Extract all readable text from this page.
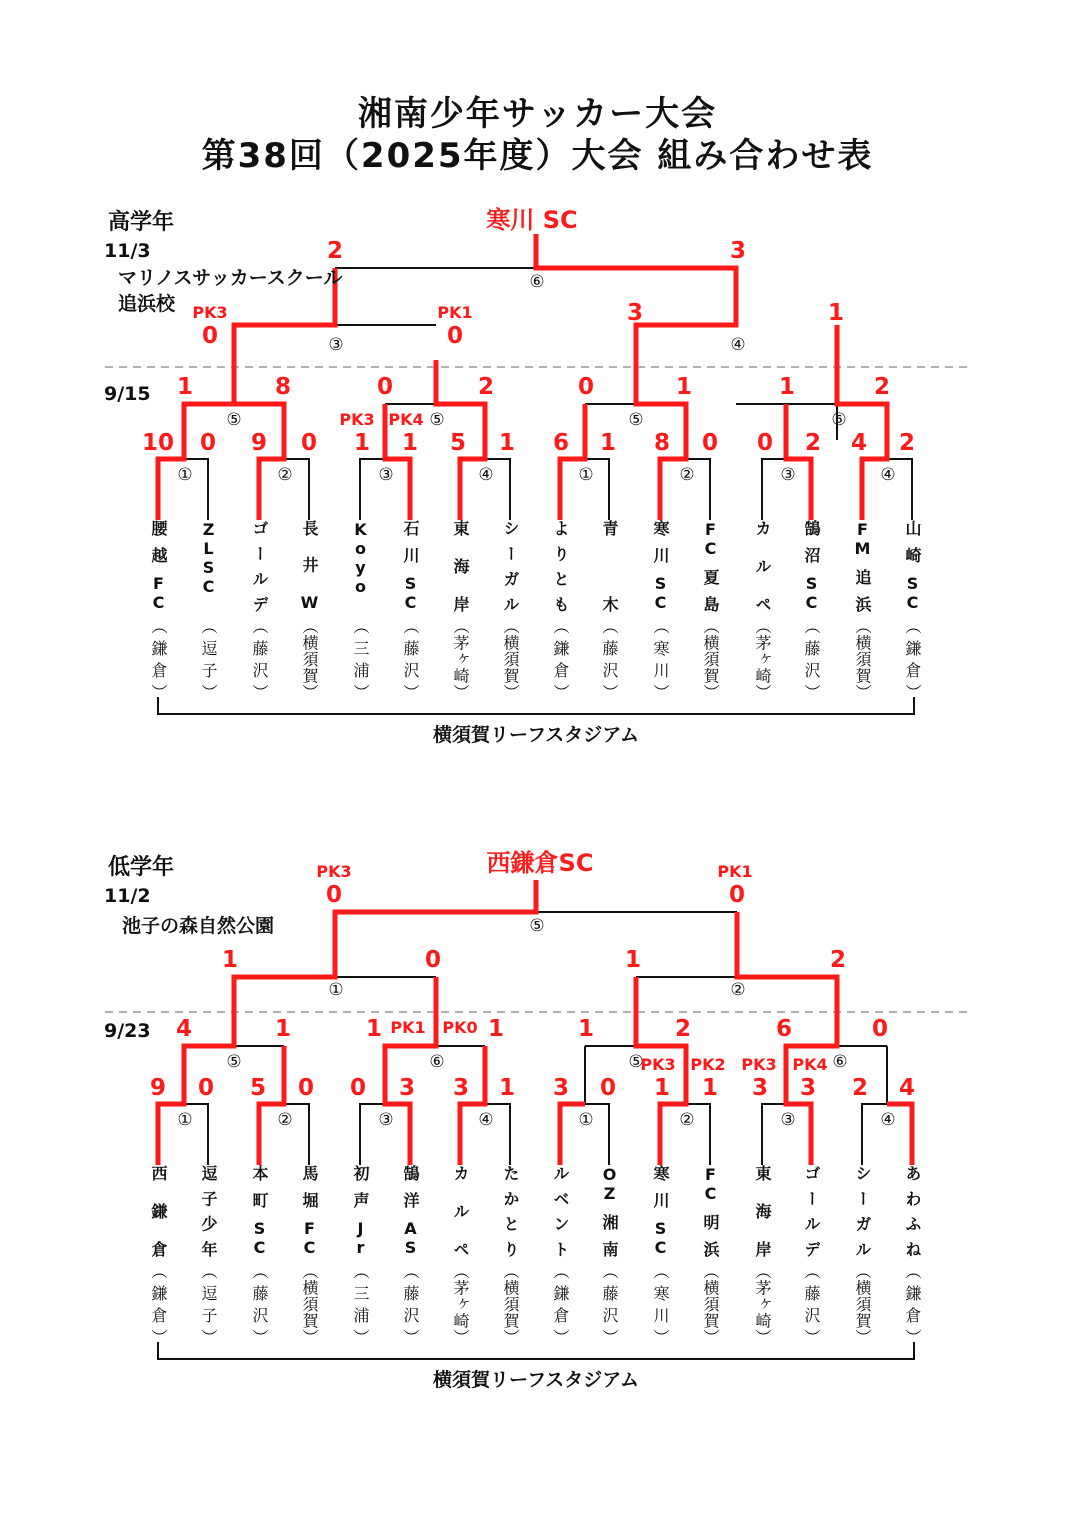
湘南少年サッカー大会
第38回（2025年度）大会 組み合わせ表
高学年	寒川 SC
11/3
マリノスサッカースクール
追浜校
9/15
2	3
⑥
PK3
0
PK1
0
③
3	1
④
1	8
⑤
0	2
⑤
0	1
⑤
1	2
⑥
10 0
①
9 0
②
PK3
1
PK4
1
③
5 1
④
6 1
①
8 0
②
0 2
③
4 2
④
腰越FC
（鎌倉）
ZLSC
（逗子）
ゴールデ
（藤沢）
長井W
（横須賀）
Koyo
（三浦）
石川SC
（藤沢）
東海岸
（茅ヶ崎）
シーガル
（横須賀）
よりとも
（鎌倉）
青木
（藤沢）
寒川SC
（寒川）
FC夏島
（横須賀）
カルペ
（茅ヶ崎）
鵠沼SC
（藤沢）
FM追浜
（横須賀）
山崎SC
（鎌倉）
横須賀リーフスタジアム
低学年	西鎌倉SC
11/2
池子の森自然公園
9/23
PK3
0
PK1
0
⑤
1	0
①
1	2
②
4	1
⑤
1 PK1 PK0 1
⑥
1	2
⑤
6	0
⑥
9 0
①
5 0
②
0 3
③
3 1
④
3 0
①
PK3
1
PK2
1
②
PK3
3
PK4
3
③
2 4
④
西鎌倉
（鎌倉）
逗子少年
（逗子）
本町SC
（藤沢）
馬堀FC
（横須賀）
初声Jr
（三浦）
鵠洋AS
（藤沢）
カルペ
（茅ヶ崎）
たかとり
（横須賀）
ルベント
（鎌倉）
OZ湘南
（藤沢）
寒川SC
（寒川）
FC明浜
（横須賀）
東海岸
（茅ヶ崎）
ゴールデ
（藤沢）
シーガル
（横須賀）
あわふね
（鎌倉）
横須賀リーフスタジアム
